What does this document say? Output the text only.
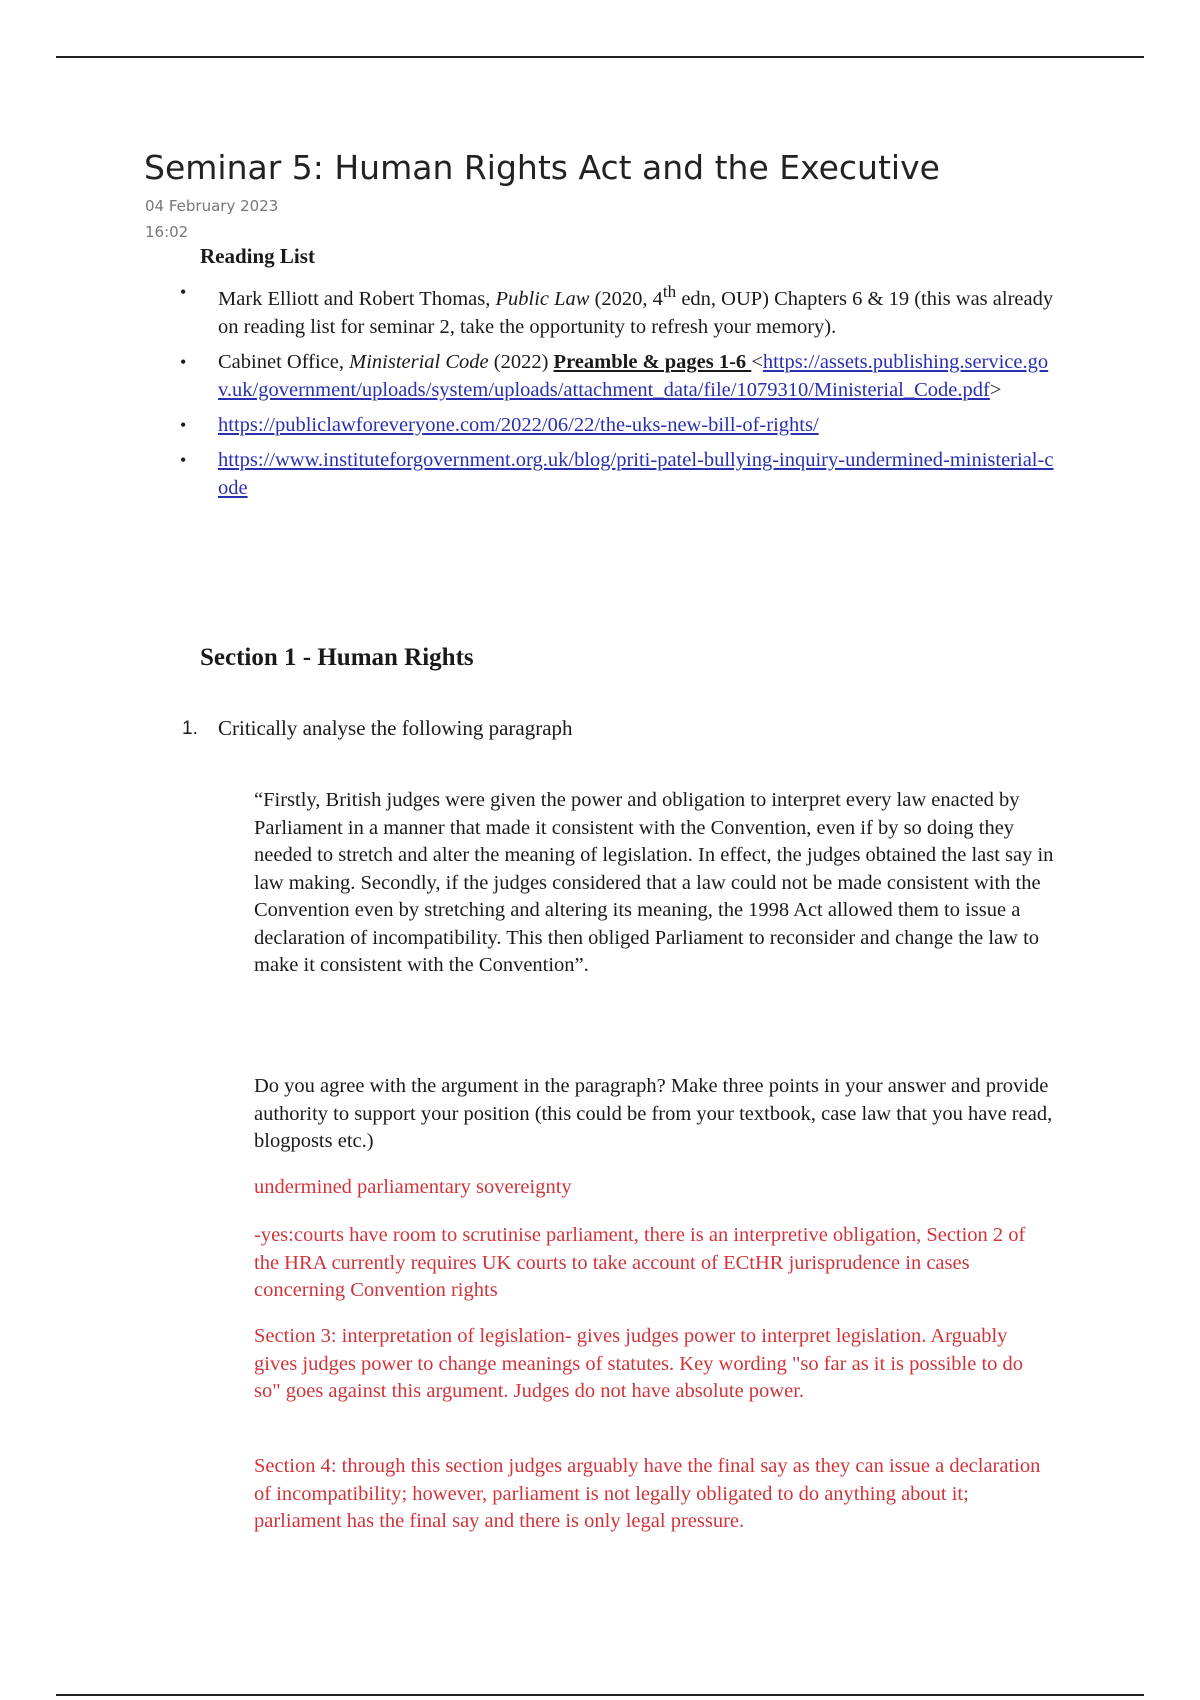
Seminar 5: Human Rights Act and the Executive
04 February 2023
16:02
Reading List
• Mark Elliott and Robert Thomas, Public Law (2020, 4th edn, OUP) Chapters 6 & 19 (this was already on reading list for seminar 2, take the opportunity to refresh your memory).
• Cabinet Office, Ministerial Code (2022) Preamble & pages 1-6 <https://assets.publishing.service.gov.uk/government/uploads/system/uploads/attachment_data/file/1079310/Ministerial_Code.pdf>
• https://publiclawforeveryone.com/2022/06/22/the-uks-new-bill-of-rights/
• https://www.instituteforgovernment.org.uk/blog/priti-patel-bullying-inquiry-undermined-ministerial-code
Section 1 - Human Rights
1. Critically analyse the following paragraph

“Firstly, British judges were given the power and obligation to interpret every law enacted by Parliament in a manner that made it consistent with the Convention, even if by so doing they needed to stretch and alter the meaning of legislation. In effect, the judges obtained the last say in law making. Secondly, if the judges considered that a law could not be made consistent with the Convention even by stretching and altering its meaning, the 1998 Act allowed them to issue a declaration of incompatibility. This then obliged Parliament to reconsider and change the law to make it consistent with the Convention”.

Do you agree with the argument in the paragraph? Make three points in your answer and provide authority to support your position (this could be from your textbook, case law that you have read, blogposts etc.)

undermined parliamentary sovereignty

-yes:courts have room to scrutinise parliament, there is an interpretive obligation, Section 2 of the HRA currently requires UK courts to take account of ECtHR jurisprudence in cases concerning Convention rights

Section 3: interpretation of legislation- gives judges power to interpret legislation. Arguably gives judges power to change meanings of statutes. Key wording "so far as it is possible to do so" goes against this argument. Judges do not have absolute power.

Section 4: through this section judges arguably have the final say as they can issue a declaration of incompatibility; however, parliament is not legally obligated to do anything about it; parliament has the final say and there is only legal pressure.
